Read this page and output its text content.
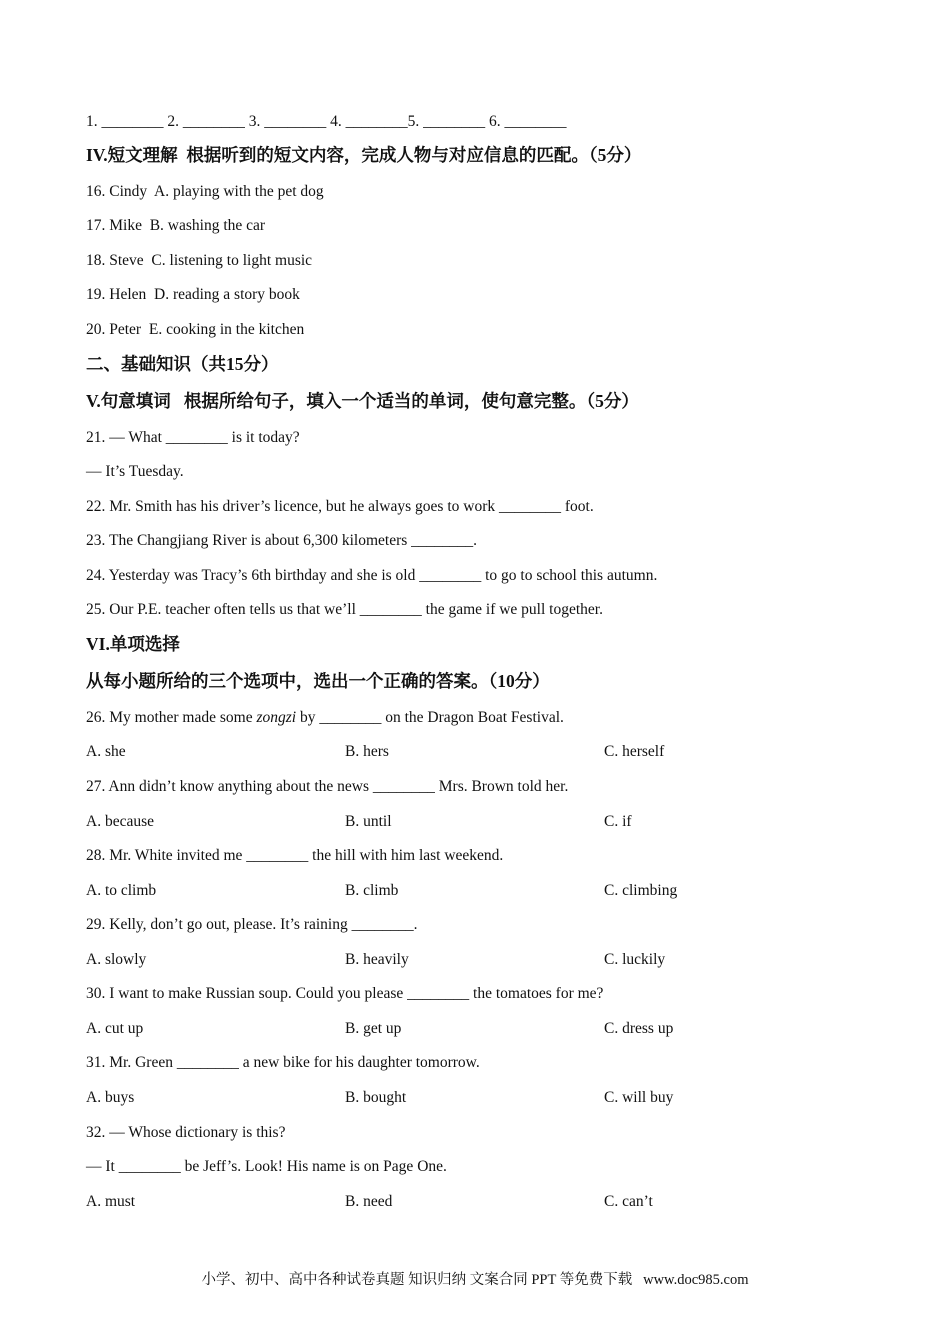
1. ________ 2. ________ 3. ________ 4. ________5. ________ 6. ________
IV.短文理解  根据听到的短文内容，完成人物与对应信息的匹配。（5分）
16. Cindy  A. playing with the pet dog
17. Mike  B. washing the car
18. Steve  C. listening to light music
19. Helen  D. reading a story book
20. Peter  E. cooking in the kitchen
二、基础知识（共15分）
V.句意填词   根据所给句子，填入一个适当的单词，使句意完整。（5分）
21. — What ________ is it today?
— It’s Tuesday.
22. Mr. Smith has his driver’s licence, but he always goes to work ________ foot.
23. The Changjiang River is about 6,300 kilometers ________.
24. Yesterday was Tracy’s 6th birthday and she is old ________ to go to school this autumn.
25. Our P.E. teacher often tells us that we’ll ________ the game if we pull together.
VI.单项选择
从每小题所给的三个选项中，选出一个正确的答案。（10分）
26. My mother made some zongzi by ________ on the Dragon Boat Festival.
A. she	B. hers	C. herself
27. Ann didn’t know anything about the news ________ Mrs. Brown told her.
A. because	B. until	C. if
28. Mr. White invited me ________ the hill with him last weekend.
A. to climb	B. climb	C. climbing
29. Kelly, don’t go out, please. It’s raining ________.
A. slowly	B. heavily	C. luckily
30. I want to make Russian soup. Could you please ________ the tomatoes for me?
A. cut up	B. get up	C. dress up
31. Mr. Green ________ a new bike for his daughter tomorrow.
A. buys	B. bought	C. will buy
32. — Whose dictionary is this?
— It ________ be Jeff’s. Look! His name is on Page One.
A. must	B. need	C. can’t
小学、初中、高中各种试卷真题 知识归纳 文案合同 PPT 等免费下载   www.doc985.com
